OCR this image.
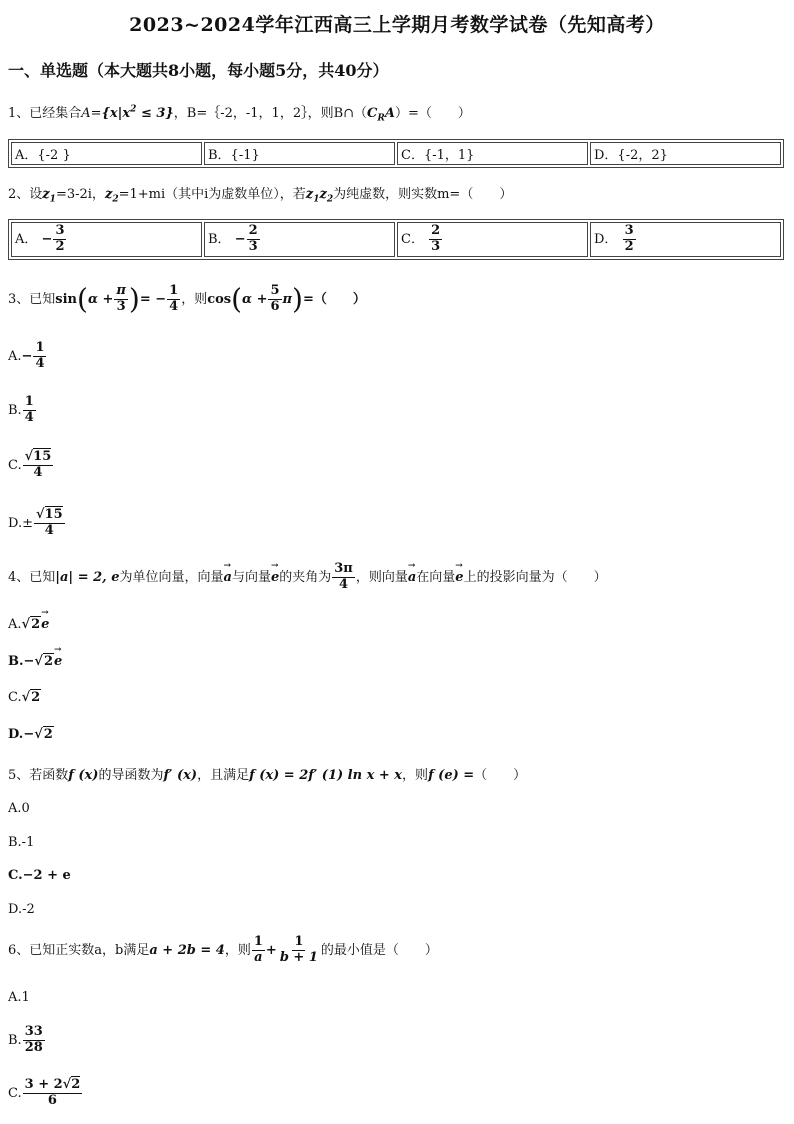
2023~2024学年江西高三上学期月考数学试卷（先知高考）
一、单选题（本大题共8小题，每小题5分，共40分）
1、已经集合$A=\{x|x^2 \le 3\}$，B=｛-2，-1，1，2｝，则$B\cap(C_RA)=$（　　）
A．{-2 }	B．{-1}	C．{-1，1}	D．{-2，2}
2、设$z_1=3-2i$，$z_2=1+mi$（其中i为虚数单位），若$z_1z_2$为纯虚数，则实数m=（　　）
A． − $\frac{3}{2}$	B． − $\frac{2}{3}$	C． $\frac{2}{3}$	D． $\frac{3}{2}$
3、已知$\sin(\alpha + \frac{\pi}{3}$ )= − $\frac{1}{4}$ ，则$\cos(\alpha + \frac{5}{6} \pi)=$（　　）
$A.- \frac{1}{4}$
B. $\frac{1}{4}$
C. $\frac{√15}{4}$
$D.\pm \frac{√15}{4}$
4、已知|a| = 2, e为单位向量，向量→ a与向量→ e的夹角为 $\frac{3\pi}{4}$ ，则向量→ a在向量→ e上的投影向量为（　　）
A.√2→ e
B.−√2→ e
C.√2
D.−√2
5、若函数f (x)的导函数为f′ (x)，且满足f (x) = 2f′ (1) ln x + x，则f (e) =（　　）
A.0
B.-1
C.−2 + e
D.-2
6、已知正实数a，b满足a + 2b = 4，则 $\frac{1}{a} + \frac{1}{b + 1}$ 的最小值是（　　）
A.1
B. $\frac{33}{28}$
C. $\frac{3 + 2√2}{6}$
